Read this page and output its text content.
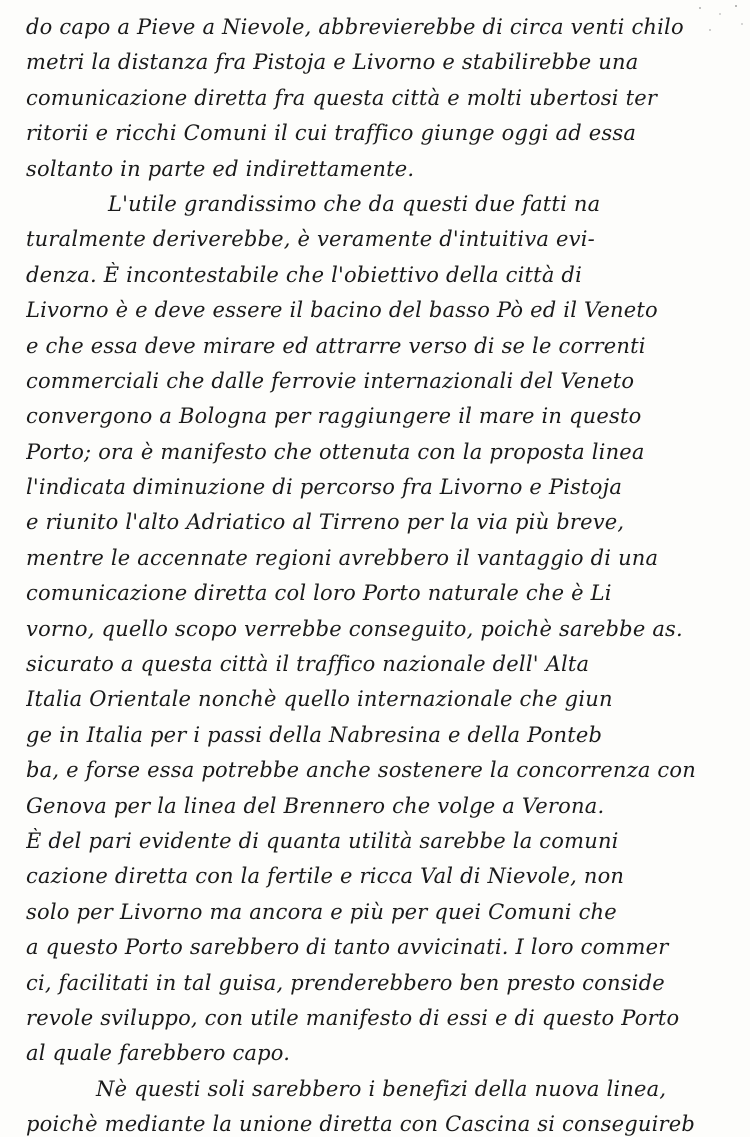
do capo a Pieve a Nievole, abbrevierebbe di circa venti chilo
metri la distanza fra Pistoja e Livorno e stabilirebbe una
comunicazione diretta fra questa città e molti ubertosi ter
ritorii e ricchi Comuni il cui traffico giunge oggi ad essa
soltanto in parte ed indirettamente.
L'utile grandissimo che da questi due fatti na
turalmente deriverebbe, è veramente d'intuitiva evi-
denza. È incontestabile che l'obiettivo della città di
Livorno è e deve essere il bacino del basso Pò ed il Veneto
e che essa deve mirare ed attrarre verso di se le correnti
commerciali che dalle ferrovie internazionali del Veneto
convergono a Bologna per raggiungere il mare in questo
Porto; ora è manifesto che ottenuta con la proposta linea
l'indicata diminuzione di percorso fra Livorno e Pistoja
e riunito l'alto Adriatico al Tirreno per la via più breve,
mentre le accennate regioni avrebbero il vantaggio di una
comunicazione diretta col loro Porto naturale che è Li
vorno, quello scopo verrebbe conseguito, poichè sarebbe as.
sicurato a questa città il traffico nazionale dell' Alta
Italia Orientale nonchè quello internazionale che giun
ge in Italia per i passi della Nabresina e della Ponteb
ba, e forse essa potrebbe anche sostenere la concorrenza con
Genova per la linea del Brennero che volge a Verona.
È del pari evidente di quanta utilità sarebbe la comuni
cazione diretta con la fertile e ricca Val di Nievole, non
solo per Livorno ma ancora e più per quei Comuni che
a questo Porto sarebbero di tanto avvicinati. I loro commer
ci, facilitati in tal guisa, prenderebbero ben presto conside
revole sviluppo, con utile manifesto di essi e di questo Porto
al quale farebbero capo.
Nè questi soli sarebbero i benefizi della nuova linea,
poichè mediante la unione diretta con Cascina si conseguireb
